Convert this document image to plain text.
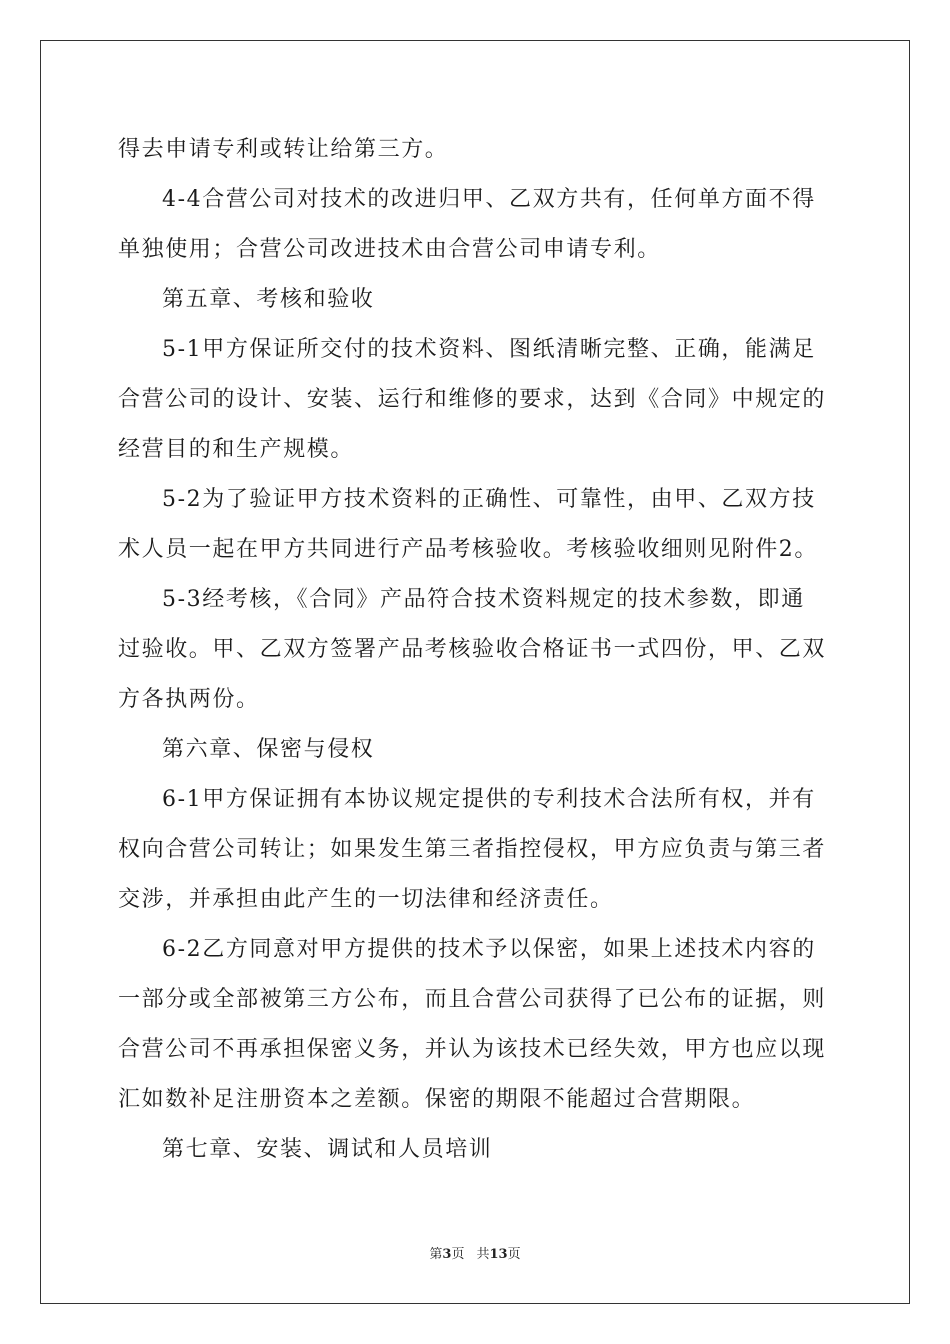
得去申请专利或转让给第三方。
4-4合营公司对技术的改进归甲、乙双方共有，任何单方面不得
单独使用；合营公司改进技术由合营公司申请专利。
第五章、考核和验收
5-1甲方保证所交付的技术资料、图纸清晰完整、正确，能满足
合营公司的设计、安装、运行和维修的要求，达到《合同》中规定的
经营目的和生产规模。
5-2为了验证甲方技术资料的正确性、可靠性，由甲、乙双方技
术人员一起在甲方共同进行产品考核验收。考核验收细则见附件2。
5-3经考核，《合同》产品符合技术资料规定的技术参数，即通
过验收。甲、乙双方签署产品考核验收合格证书一式四份，甲、乙双
方各执两份。
第六章、保密与侵权
6-1甲方保证拥有本协议规定提供的专利技术合法所有权，并有
权向合营公司转让；如果发生第三者指控侵权，甲方应负责与第三者
交涉，并承担由此产生的一切法律和经济责任。
6-2乙方同意对甲方提供的技术予以保密，如果上述技术内容的
一部分或全部被第三方公布，而且合营公司获得了已公布的证据，则
合营公司不再承担保密义务，并认为该技术已经失效，甲方也应以现
汇如数补足注册资本之差额。保密的期限不能超过合营期限。
第七章、安装、调试和人员培训
第3页 共13页
